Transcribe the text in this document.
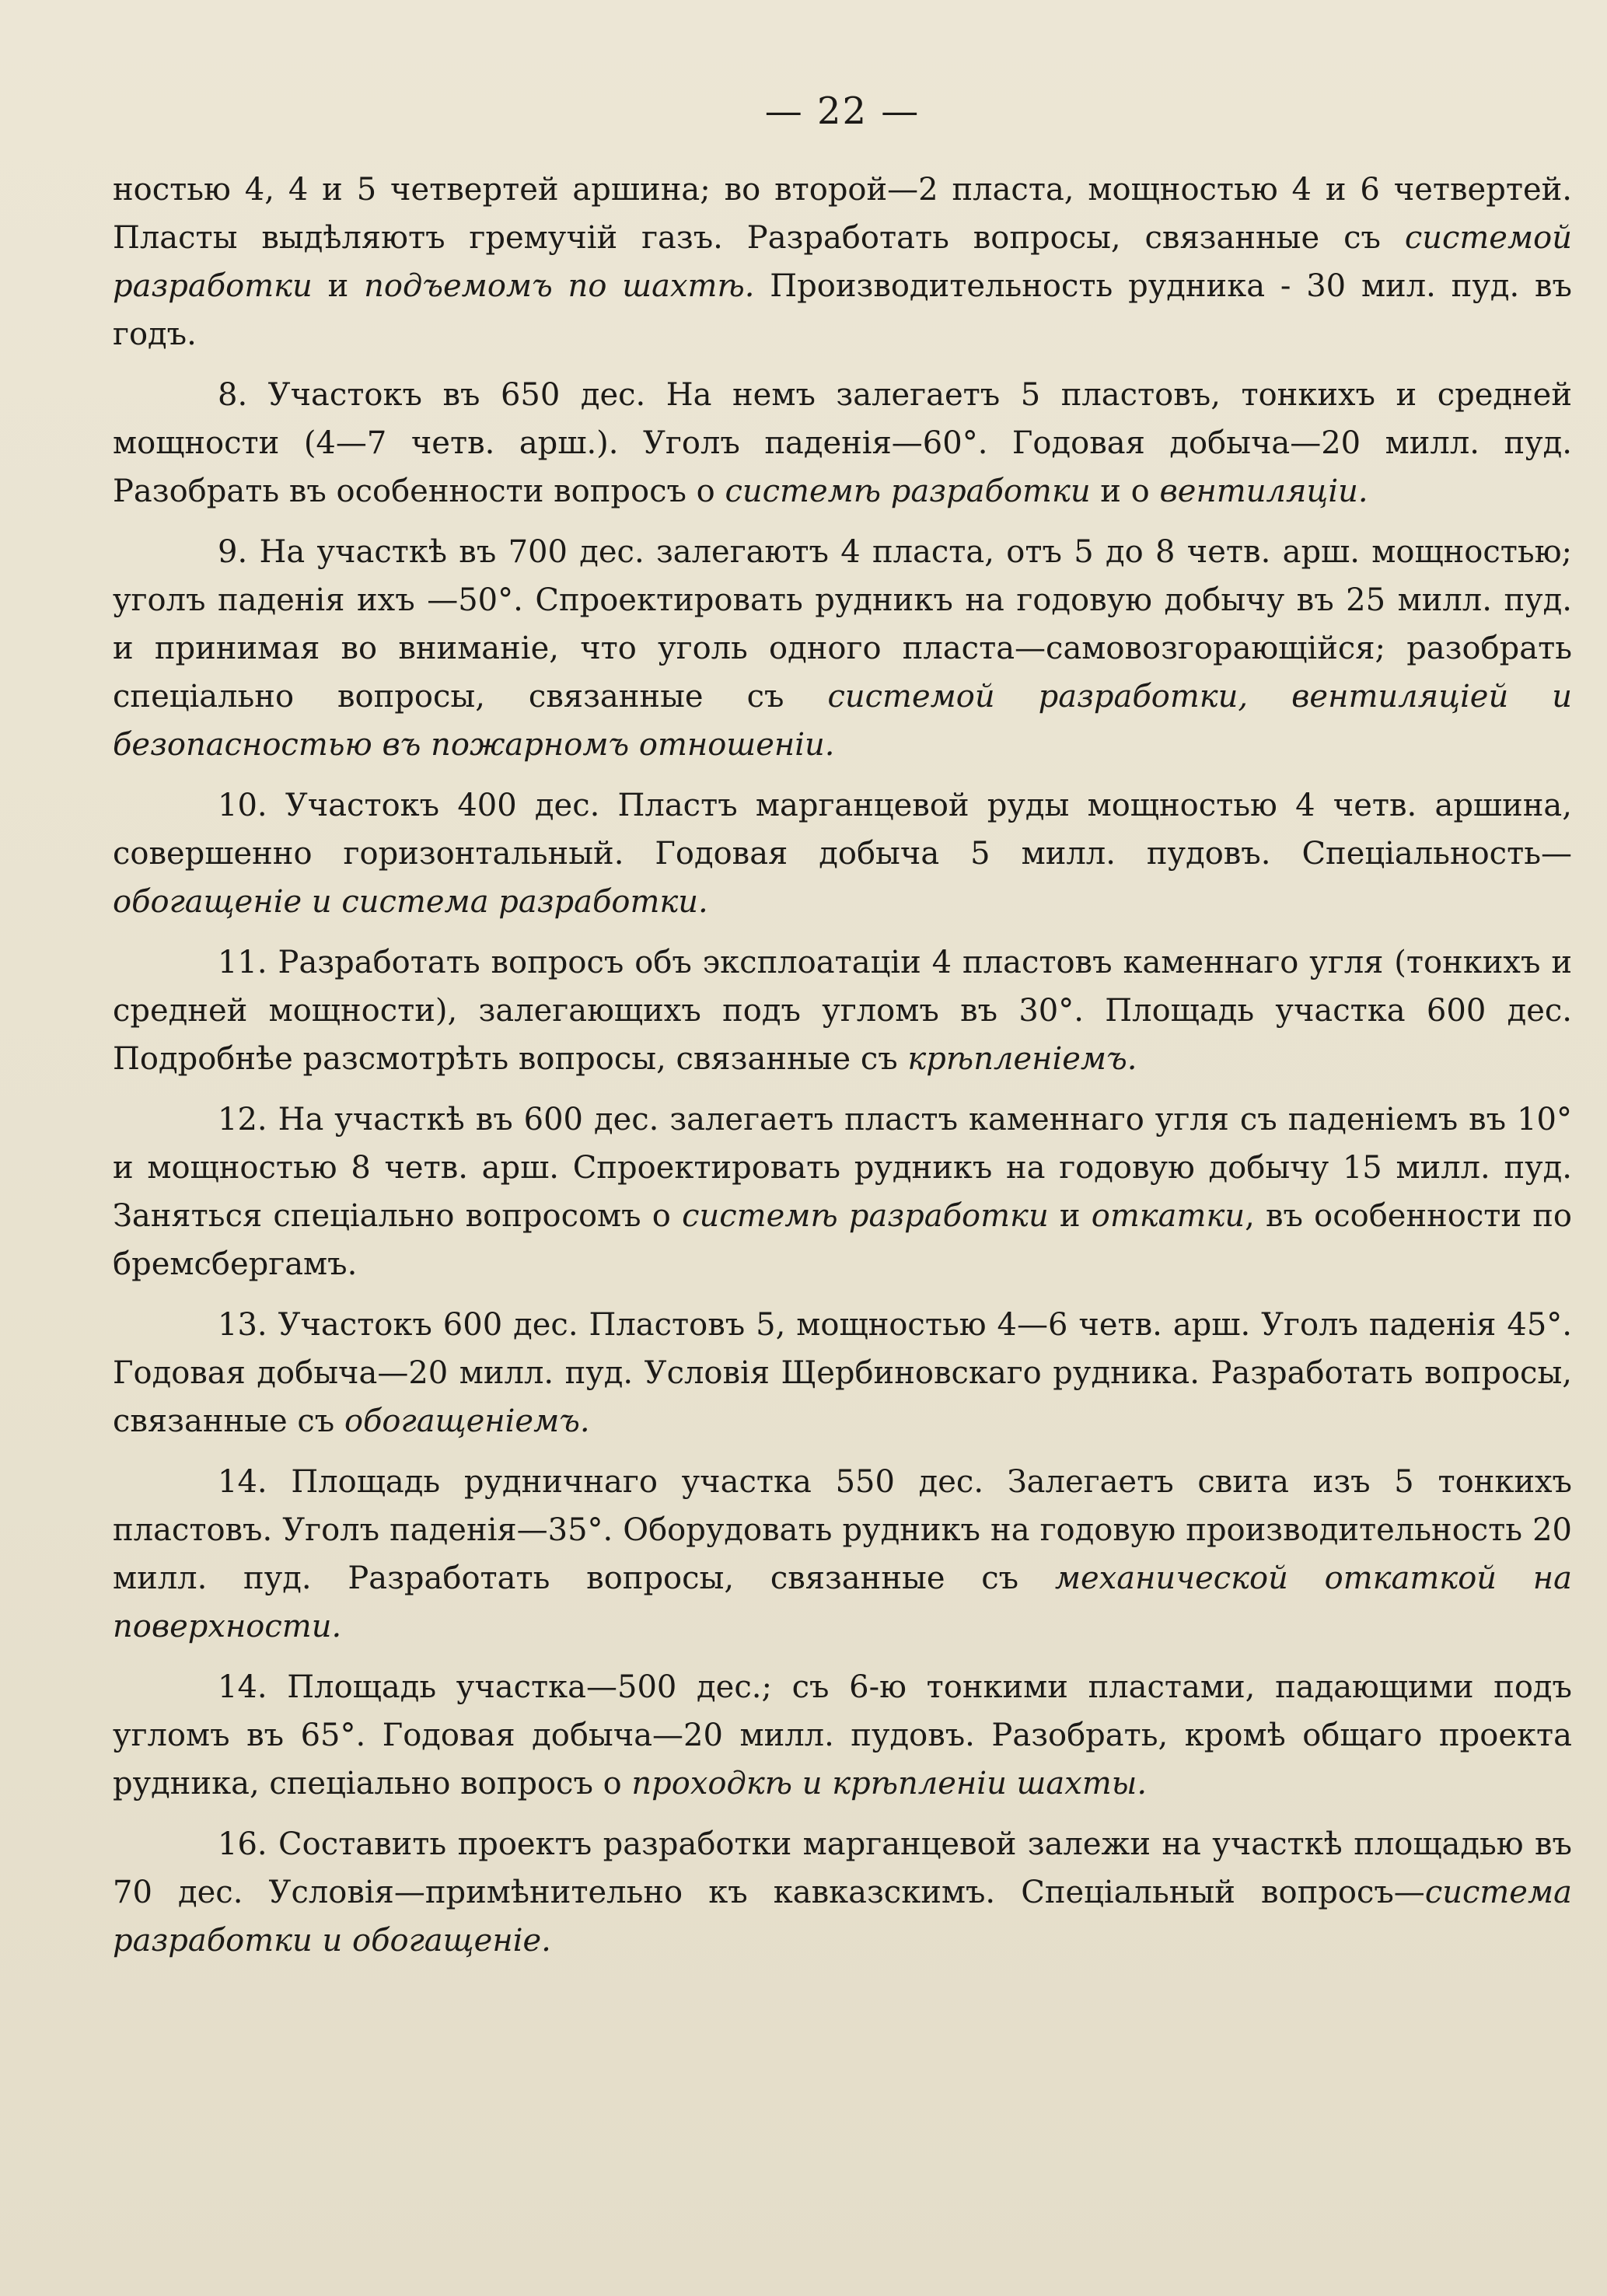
— 22 —

ностью 4, 4 и 5 четвертей аршина; во второй—2 пласта, мощностью 4 и 6 четвертей. Пласты выдѣляютъ гремучій газъ. Разработать вопросы, связанные съ системой разработки и подъемомъ по шахтѣ. Производительность рудника - 30 мил. пуд. въ годъ.

8. Участокъ въ 650 дес. На немъ залегаетъ 5 пластовъ, тонкихъ и средней мощности (4—7 четв. арш.). Уголъ паденія—60°. Годовая добыча—20 милл. пуд. Разобрать въ особенности вопросъ о системѣ разработки и о вентиляціи.

9. На участкѣ въ 700 дес. залегаютъ 4 пласта, отъ 5 до 8 четв. арш. мощностью; уголъ паденія ихъ —50°. Спроектировать рудникъ на годовую добычу въ 25 милл. пуд. и принимая во вниманіе, что уголь одного пласта—самовозгорающійся; разобрать спеціально вопросы, связанные съ системой разработки, вентиляціей и безопасностью въ пожарномъ отношеніи.

10. Участокъ 400 дес. Пластъ марганцевой руды мощностью 4 четв. аршина, совершенно горизонтальный. Годовая добыча 5 милл. пудовъ. Спеціальность—обогащеніе и система разработки.

11. Разработать вопросъ объ эксплоатаціи 4 пластовъ каменнаго угля (тонкихъ и средней мощности), залегающихъ подъ угломъ въ 30°. Площадь участка 600 дес. Подробнѣе разсмотрѣть вопросы, связанные съ крѣпленіемъ.

12. На участкѣ въ 600 дес. залегаетъ пластъ каменнаго угля съ паденіемъ въ 10° и мощностью 8 четв. арш. Спроектировать рудникъ на годовую добычу 15 милл. пуд. Заняться спеціально вопросомъ о системѣ разработки и откатки, въ особенности по бремсбергамъ.

13. Участокъ 600 дес. Пластовъ 5, мощностью 4—6 четв. арш. Уголъ паденія 45°. Годовая добыча—20 милл. пуд. Условія Щербиновскаго рудника. Разработать вопросы, связанные съ обогащеніемъ.

14. Площадь рудничнаго участка 550 дес. Залегаетъ свита изъ 5 тонкихъ пластовъ. Уголъ паденія—35°. Оборудовать рудникъ на годовую производительность 20 милл. пуд. Разработать вопросы, связанные съ механической откаткой на поверхности.

14. Площадь участка—500 дес.; съ 6-ю тонкими пластами, падающими подъ угломъ въ 65°. Годовая добыча—20 милл. пудовъ. Разобрать, кромѣ общаго проекта рудника, спеціально вопросъ о проходкѣ и крѣпленіи шахты.

16. Составить проектъ разработки марганцевой залежи на участкѣ площадью въ 70 дес. Условія—примѣнительно къ кавказскимъ. Спеціальный вопросъ—система разработки и обогащеніе.
